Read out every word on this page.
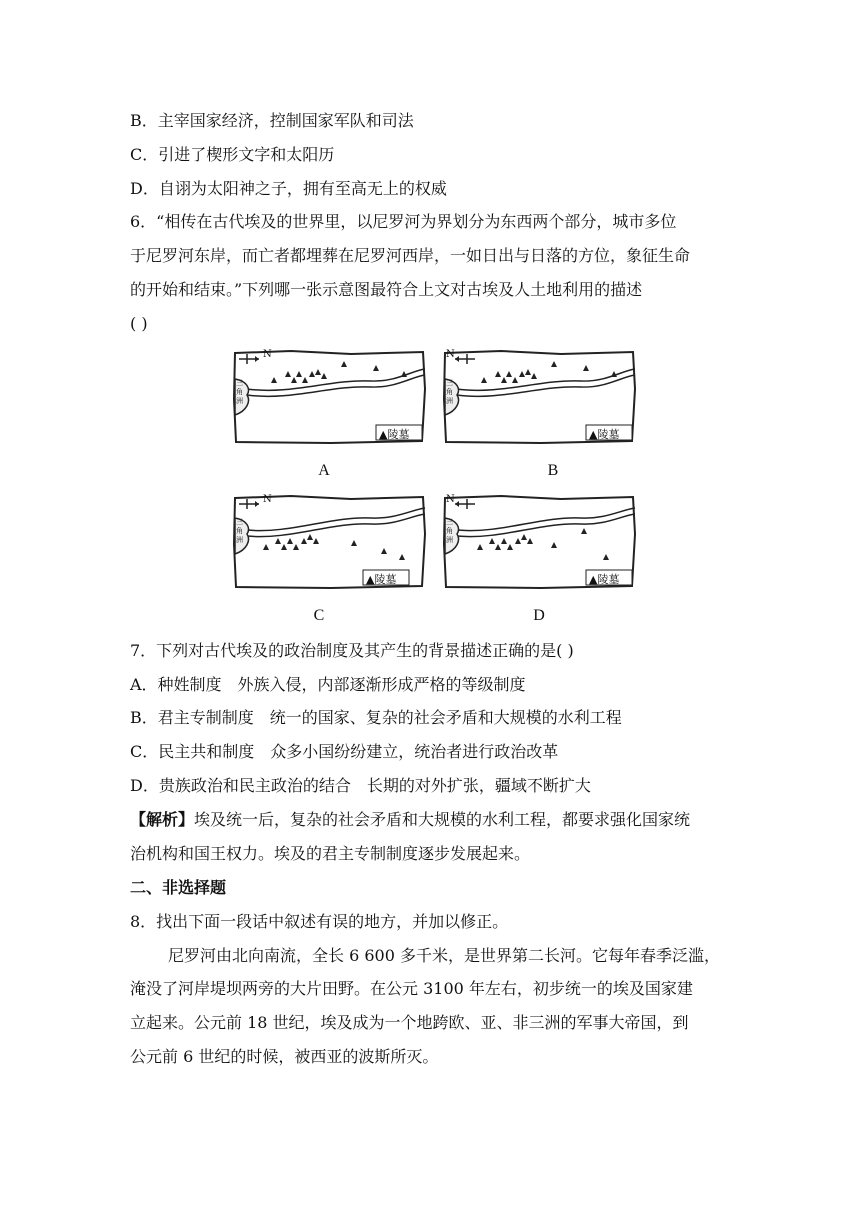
B．主宰国家经济，控制国家军队和司法
C．引进了楔形文字和太阳历
D．自诩为太阳神之子，拥有至高无上的权威
6．“相传在古代埃及的世界里，以尼罗河为界划分为东西两个部分，城市多位
于尼罗河东岸，而亡者都埋葬在尼罗河西岸，一如日出与日落的方位，象征生命
的开始和结束。”下列哪一张示意图最符合上文对古埃及人土地利用的描述
( )
N
三角洲
▲陵墓
A
N
三角洲
▲陵墓
B
N
三角洲
▲陵墓
C
N
三角洲
▲陵墓
D
7．下列对古代埃及的政治制度及其产生的背景描述正确的是( )
A．种姓制度　外族入侵，内部逐渐形成严格的等级制度
B．君主专制制度　统一的国家、复杂的社会矛盾和大规模的水利工程
C．民主共和制度　众多小国纷纷建立，统治者进行政治改革
D．贵族政治和民主政治的结合　长期的对外扩张，疆域不断扩大
【解析】埃及统一后，复杂的社会矛盾和大规模的水利工程，都要求强化国家统
治机构和国王权力。埃及的君主专制制度逐步发展起来。
二、非选择题
8．找出下面一段话中叙述有误的地方，并加以修正。
尼罗河由北向南流，全长 6 600 多千米，是世界第二长河。它每年春季泛滥，
淹没了河岸堤坝两旁的大片田野。在公元 3100 年左右，初步统一的埃及国家建
立起来。公元前 18 世纪，埃及成为一个地跨欧、亚、非三洲的军事大帝国，到
公元前 6 世纪的时候，被西亚的波斯所灭。
